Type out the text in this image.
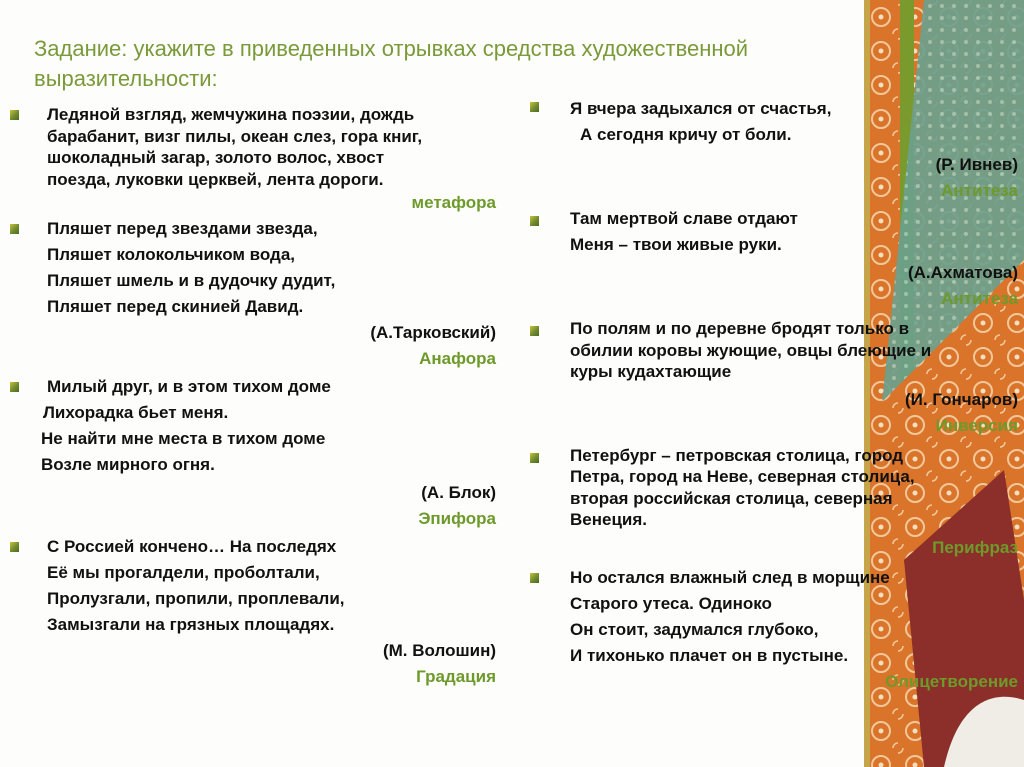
Задание: укажите в приведенных отрывках средства художественной выразительности:
Ледяной взгляд, жемчужина поэзии, дождь
барабанит, визг пилы, океан слез, гора книг,
шоколадный загар, золото волос, хвост
поезда, луковки церквей, лента дороги.
метафора
Пляшет перед звездами звезда,
Пляшет колокольчиком вода,
Пляшет шмель и в дудочку дудит,
Пляшет перед скинией Давид.
(А.Тарковский)
Анафора
Милый друг, и в этом тихом доме
Лихорадка бьет меня.
Не найти мне места в тихом доме
Возле мирного огня.
(А. Блок)
Эпифора
С Россией кончено… На последях
Её мы прогалдели, проболтали,
Пролузгали, пропили, проплевали,
Замызгали на грязных площадях.
(М. Волошин)
Градация
Я вчера задыхался от счастья,
А сегодня кричу от боли.
(Р. Ивнев)
Антитеза
Там мертвой славе отдают
Меня – твои живые руки.
(А.Ахматова)
Антитеза
По полям и по деревне бродят только в
обилии коровы жующие, овцы блеющие и
куры кудахтающие
(И. Гончаров)
Инверсия
Петербург – петровская столица, город
Петра, город на Неве, северная столица,
вторая российская столица, северная
Венеция.
Перифраз
Но остался влажный след в морщине
Старого утеса. Одиноко
Он стоит, задумался глубоко,
И тихонько плачет он в пустыне.
Олицетворение
